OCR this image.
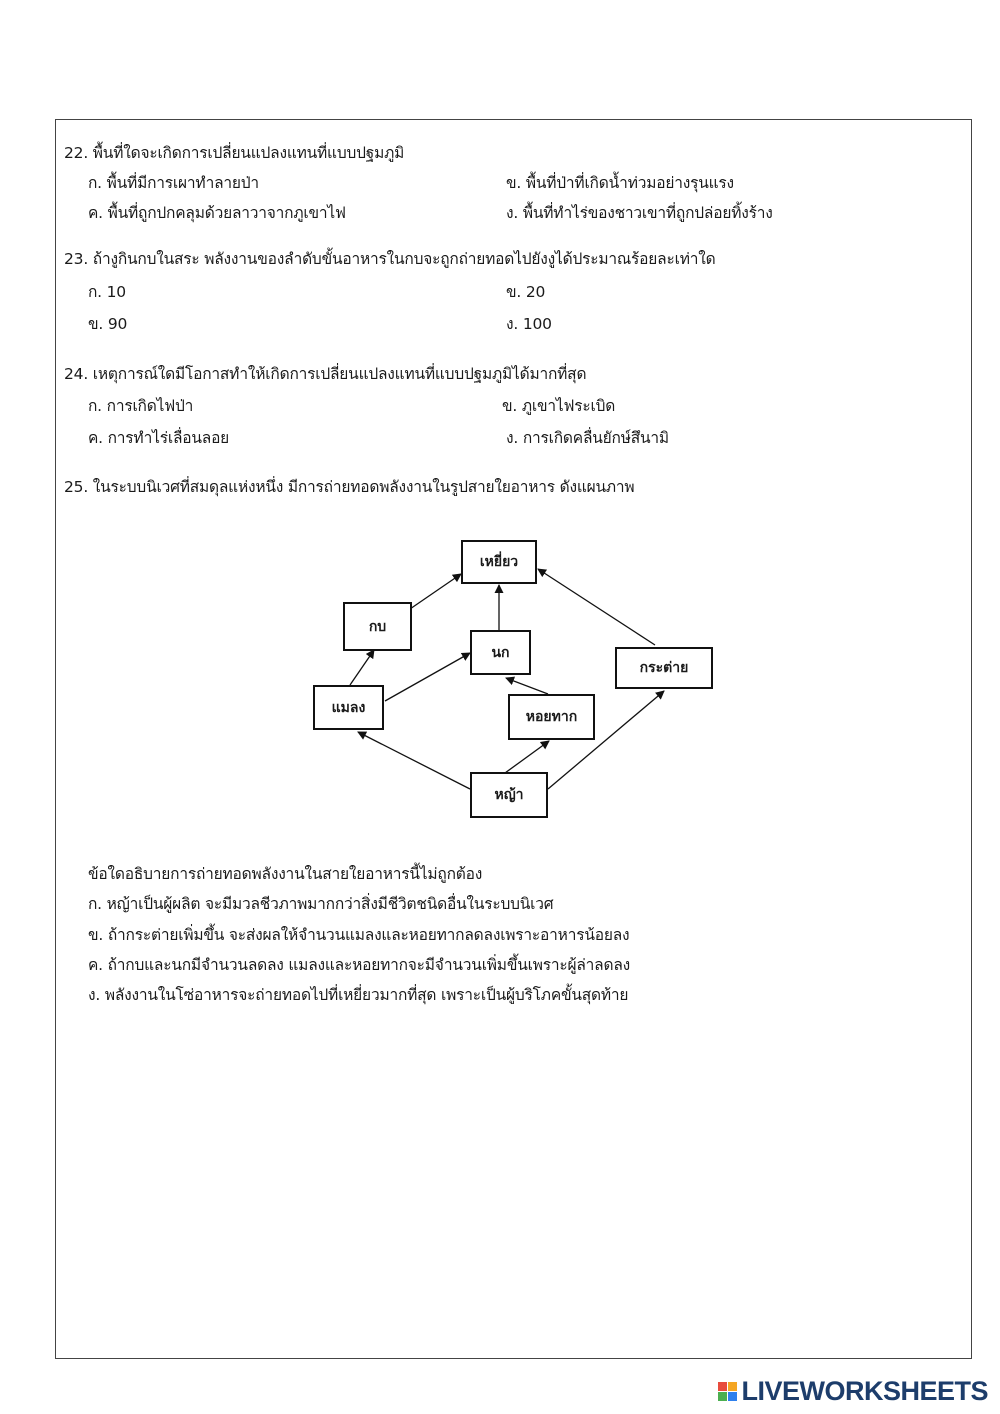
22. พื้นที่ใดจะเกิดการเปลี่ยนแปลงแทนที่แบบปฐมภูมิ
ก. พื้นที่มีการเผาทำลายป่า	ข. พื้นที่ป่าที่เกิดน้ำท่วมอย่างรุนแรง
ค. พื้นที่ถูกปกคลุมด้วยลาวาจากภูเขาไฟ	ง. พื้นที่ทำไร่ของชาวเขาที่ถูกปล่อยทิ้งร้าง
23. ถ้างูกินกบในสระ พลังงานของลำดับขั้นอาหารในกบจะถูกถ่ายทอดไปยังงูได้ประมาณร้อยละเท่าใด
ก. 10	ข. 20
ข. 90	ง. 100
24. เหตุการณ์ใดมีโอกาสทำให้เกิดการเปลี่ยนแปลงแทนที่แบบปฐมภูมิได้มากที่สุด
ก. การเกิดไฟป่า	ข. ภูเขาไฟระเบิด
ค. การทำไร่เลื่อนลอย	ง. การเกิดคลื่นยักษ์สึนามิ
25. ในระบบนิเวศที่สมดุลแห่งหนึ่ง มีการถ่ายทอดพลังงานในรูปสายใยอาหาร ดังแผนภาพ
เหยี่ยว
กบ
นก
กระต่าย
แมลง
หอยทาก
หญ้า
ข้อใดอธิบายการถ่ายทอดพลังงานในสายใยอาหารนี้ไม่ถูกต้อง
ก. หญ้าเป็นผู้ผลิต จะมีมวลชีวภาพมากกว่าสิ่งมีชีวิตชนิดอื่นในระบบนิเวศ
ข. ถ้ากระต่ายเพิ่มขึ้น จะส่งผลให้จำนวนแมลงและหอยทากลดลงเพราะอาหารน้อยลง
ค. ถ้ากบและนกมีจำนวนลดลง แมลงและหอยทากจะมีจำนวนเพิ่มขึ้นเพราะผู้ล่าลดลง
ง. พลังงานในโซ่อาหารจะถ่ายทอดไปที่เหยี่ยวมากที่สุด เพราะเป็นผู้บริโภคขั้นสุดท้าย
LIVEWORKSHEETS
